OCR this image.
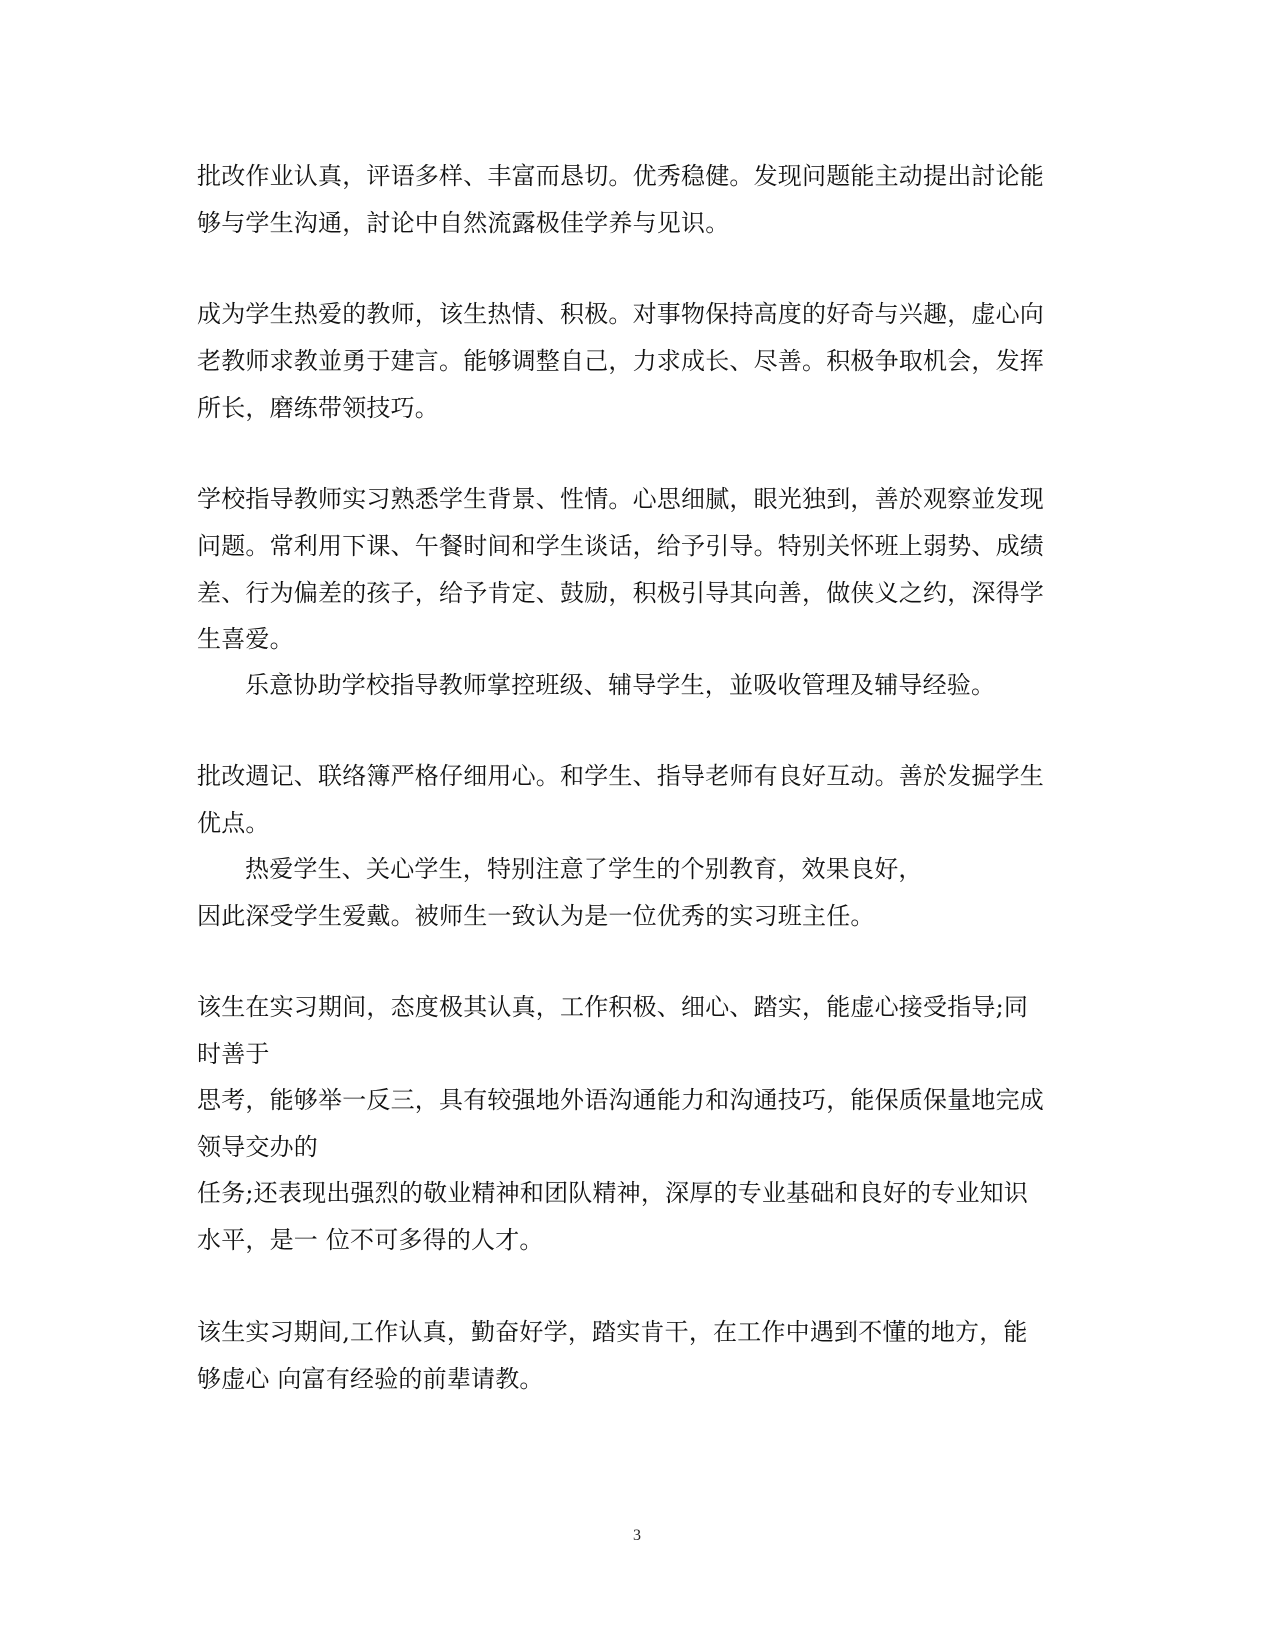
批改作业认真，评语多样、丰富而恳切。优秀稳健。发现问题能主动提出討论能
够与学生沟通，討论中自然流露极佳学养与见识。
成为学生热爱的教师，该生热情、积极。对事物保持高度的好奇与兴趣，虚心向
老教师求教並勇于建言。能够调整自己，力求成长、尽善。积极争取机会，发挥
所长，磨练带领技巧。
学校指导教师实习熟悉学生背景、性情。心思细腻，眼光独到，善於观察並发现
问题。常利用下课、午餐时间和学生谈话，给予引导。特别关怀班上弱势、成绩
差、行为偏差的孩子，给予肯定、鼓励，积极引导其向善，做侠义之约，深得学
生喜爱。
乐意协助学校指导教师掌控班级、辅导学生，並吸收管理及辅导经验。
批改週记、联络簿严格仔细用心。和学生、指导老师有良好互动。善於发掘学生
优点。
热爱学生、关心学生，特别注意了学生的个别教育，效果良好，
因此深受学生爱戴。被师生一致认为是一位优秀的实习班主任。
该生在实习期间，态度极其认真，工作积极、细心、踏实，能虚心接受指导;同
时善于
思考，能够举一反三，具有较强地外语沟通能力和沟通技巧，能保质保量地完成
领导交办的
任务;还表现出强烈的敬业精神和团队精神，深厚的专业基础和良好的专业知识
水平，是一 位不可多得的人才。
该生实习期间,工作认真，勤奋好学，踏实肯干，在工作中遇到不懂的地方，能
够虚心 向富有经验的前辈请教。
3
